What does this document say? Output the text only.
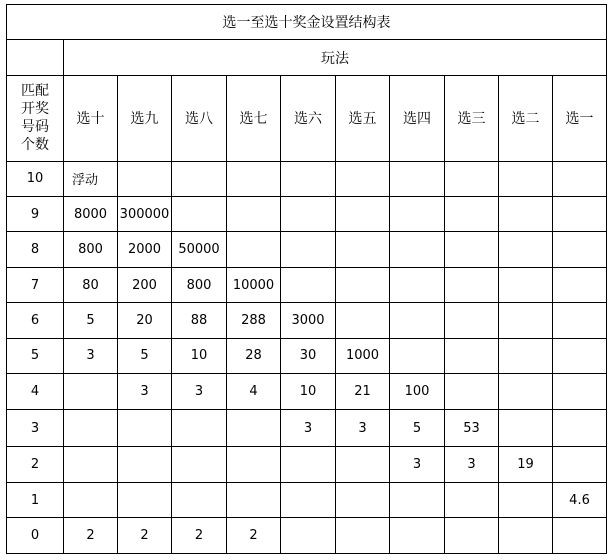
选一至选十奖金设置结构表										
	玩法									

匹配开奖号码个数	选十	选九	选八	选七	选六	选五	选四	选三	选二	选一
10	浮动									
9	8000	300000								
8	800	2000	50000							
7	80	200	800	10000						
6	5	20	88	288	3000					
5	3	5	10	28	30	1000				
4		3	3	4	10	21	100			
3					3	3	5	53		
2							3	3	19	
1										4.6
0	2	2	2	2						
